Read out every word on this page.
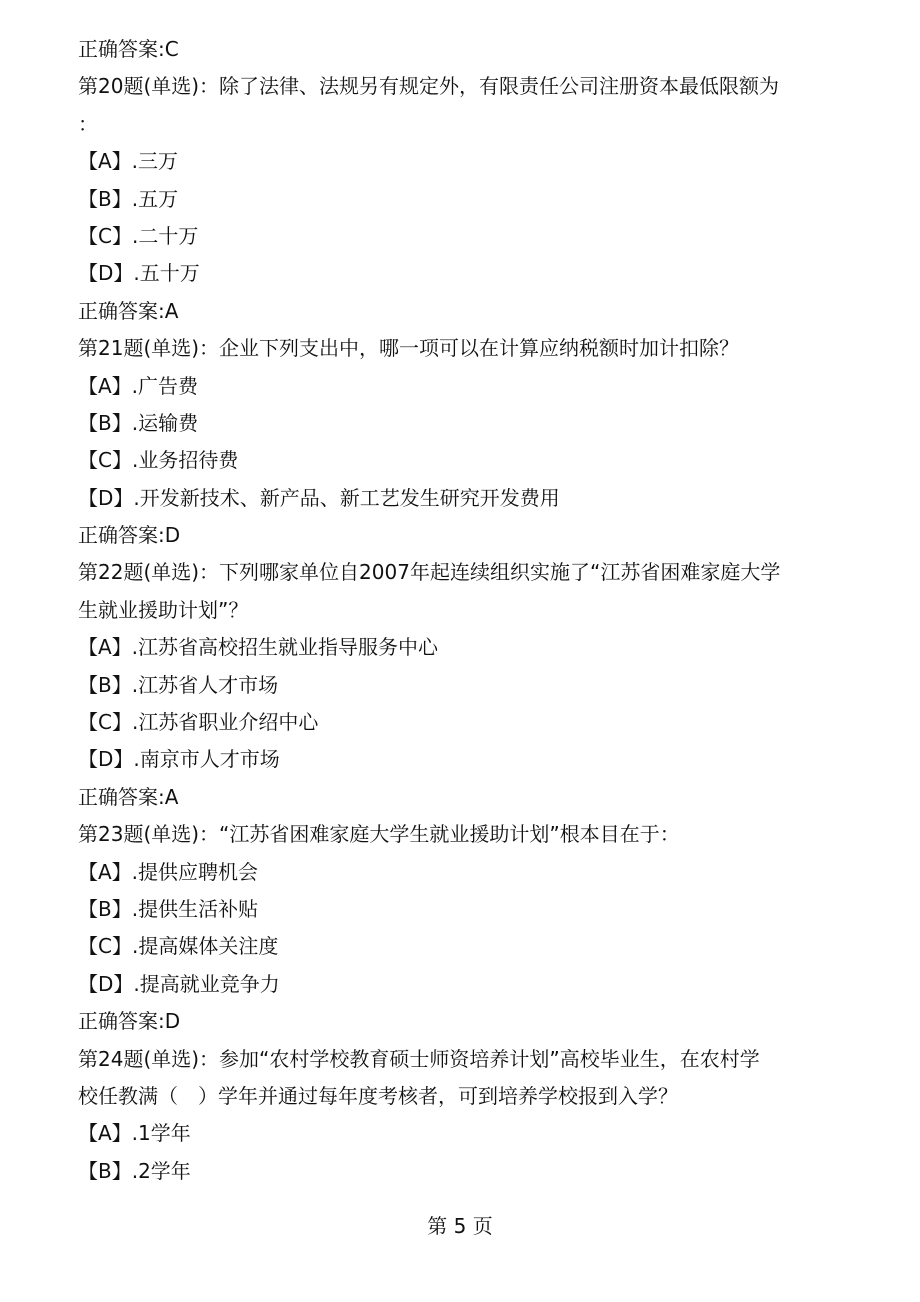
正确答案:C
第20题(单选)：除了法律、法规另有规定外，有限责任公司注册资本最低限额为
：
【A】.三万
【B】.五万
【C】.二十万
【D】.五十万
正确答案:A
第21题(单选)：企业下列支出中，哪一项可以在计算应纳税额时加计扣除？
【A】.广告费
【B】.运输费
【C】.业务招待费
【D】.开发新技术、新产品、新工艺发生研究开发费用
正确答案:D
第22题(单选)：下列哪家单位自2007年起连续组织实施了“江苏省困难家庭大学
生就业援助计划”？
【A】.江苏省高校招生就业指导服务中心
【B】.江苏省人才市场
【C】.江苏省职业介绍中心
【D】.南京市人才市场
正确答案:A
第23题(单选)：“江苏省困难家庭大学生就业援助计划”根本目在于：
【A】.提供应聘机会
【B】.提供生活补贴
【C】.提高媒体关注度
【D】.提高就业竞争力
正确答案:D
第24题(单选)：参加“农村学校教育硕士师资培养计划”高校毕业生，在农村学
校任教满（　）学年并通过每年度考核者，可到培养学校报到入学？
【A】.1学年
【B】.2学年
第 5 页
